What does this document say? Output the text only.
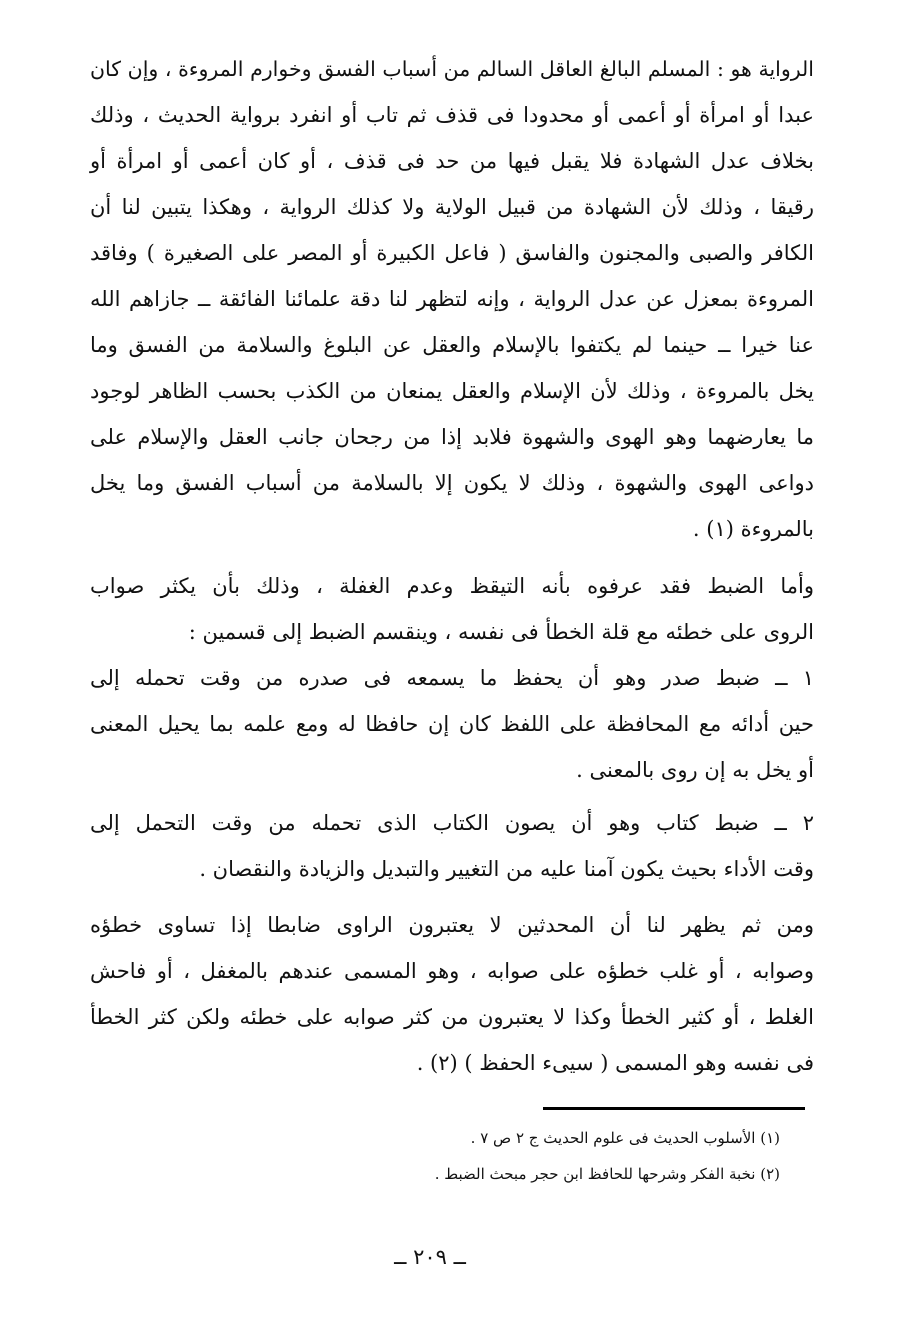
الرواية هو : المسلم البالغ العاقل السالم من أسباب الفسق وخوارم المروءة ، وإن كان
عبدا أو امرأة أو أعمى أو محدودا فى قذف ثم تاب أو انفرد برواية الحديث ، وذلك
بخلاف عدل الشهادة فلا يقبل فيها من حد فى قذف ، أو كان أعمى أو امرأة أو
رقيقا ، وذلك لأن الشهادة من قبيل الولاية ولا كذلك الرواية ، وهكذا يتبين لنا أن
الكافر والصبى والمجنون والفاسق ( فاعل الكبيرة أو المصر على الصغيرة ) وفاقد
المروءة بمعزل عن عدل الرواية ، وإنه لتظهر لنا دقة علمائنا الفائقة ــ جازاهم الله
عنا خيرا ــ حينما لم يكتفوا بالإسلام والعقل عن البلوغ والسلامة من الفسق وما
يخل بالمروءة ، وذلك لأن الإسلام والعقل يمنعان من الكذب بحسب الظاهر لوجود
ما يعارضهما وهو الهوى والشهوة فلابد إذا من رجحان جانب العقل والإسلام على
دواعى الهوى والشهوة ، وذلك لا يكون إلا بالسلامة من أسباب الفسق وما يخل
بالمروءة (١) .
وأما الضبط فقد عرفوه بأنه التيقظ وعدم الغفلة ، وذلك بأن يكثر صواب
الروى على خطئه مع قلة الخطأ فى نفسه ، وينقسم الضبط إلى قسمين :
١ ــ ضبط صدر وهو أن يحفظ ما يسمعه فى صدره من وقت تحمله إلى
حين أدائه مع المحافظة على اللفظ كان إن حافظا له ومع علمه بما يحيل المعنى
أو يخل به إن روى بالمعنى .
٢ ــ ضبط كتاب وهو أن يصون الكتاب الذى تحمله من وقت التحمل إلى
وقت الأداء بحيث يكون آمنا عليه من التغيير والتبديل والزيادة والنقصان .
ومن ثم يظهر لنا أن المحدثين لا يعتبرون الراوى ضابطا إذا تساوى خطؤه
وصوابه ، أو غلب خطؤه على صوابه ، وهو المسمى عندهم بالمغفل ، أو فاحش
الغلط ، أو كثير الخطأ وكذا لا يعتبرون من كثر صوابه على خطئه ولكن كثر الخطأ
فى نفسه وهو المسمى ( سيىء الحفظ ) (٢) .
(١) الأسلوب الحديث فى علوم الحديث ج ٢ ص ٧ .
(٢) نخبة الفكر وشرحها للحافظ ابن حجر مبحث الضبط .
ــ ٢٠٩ ــ
